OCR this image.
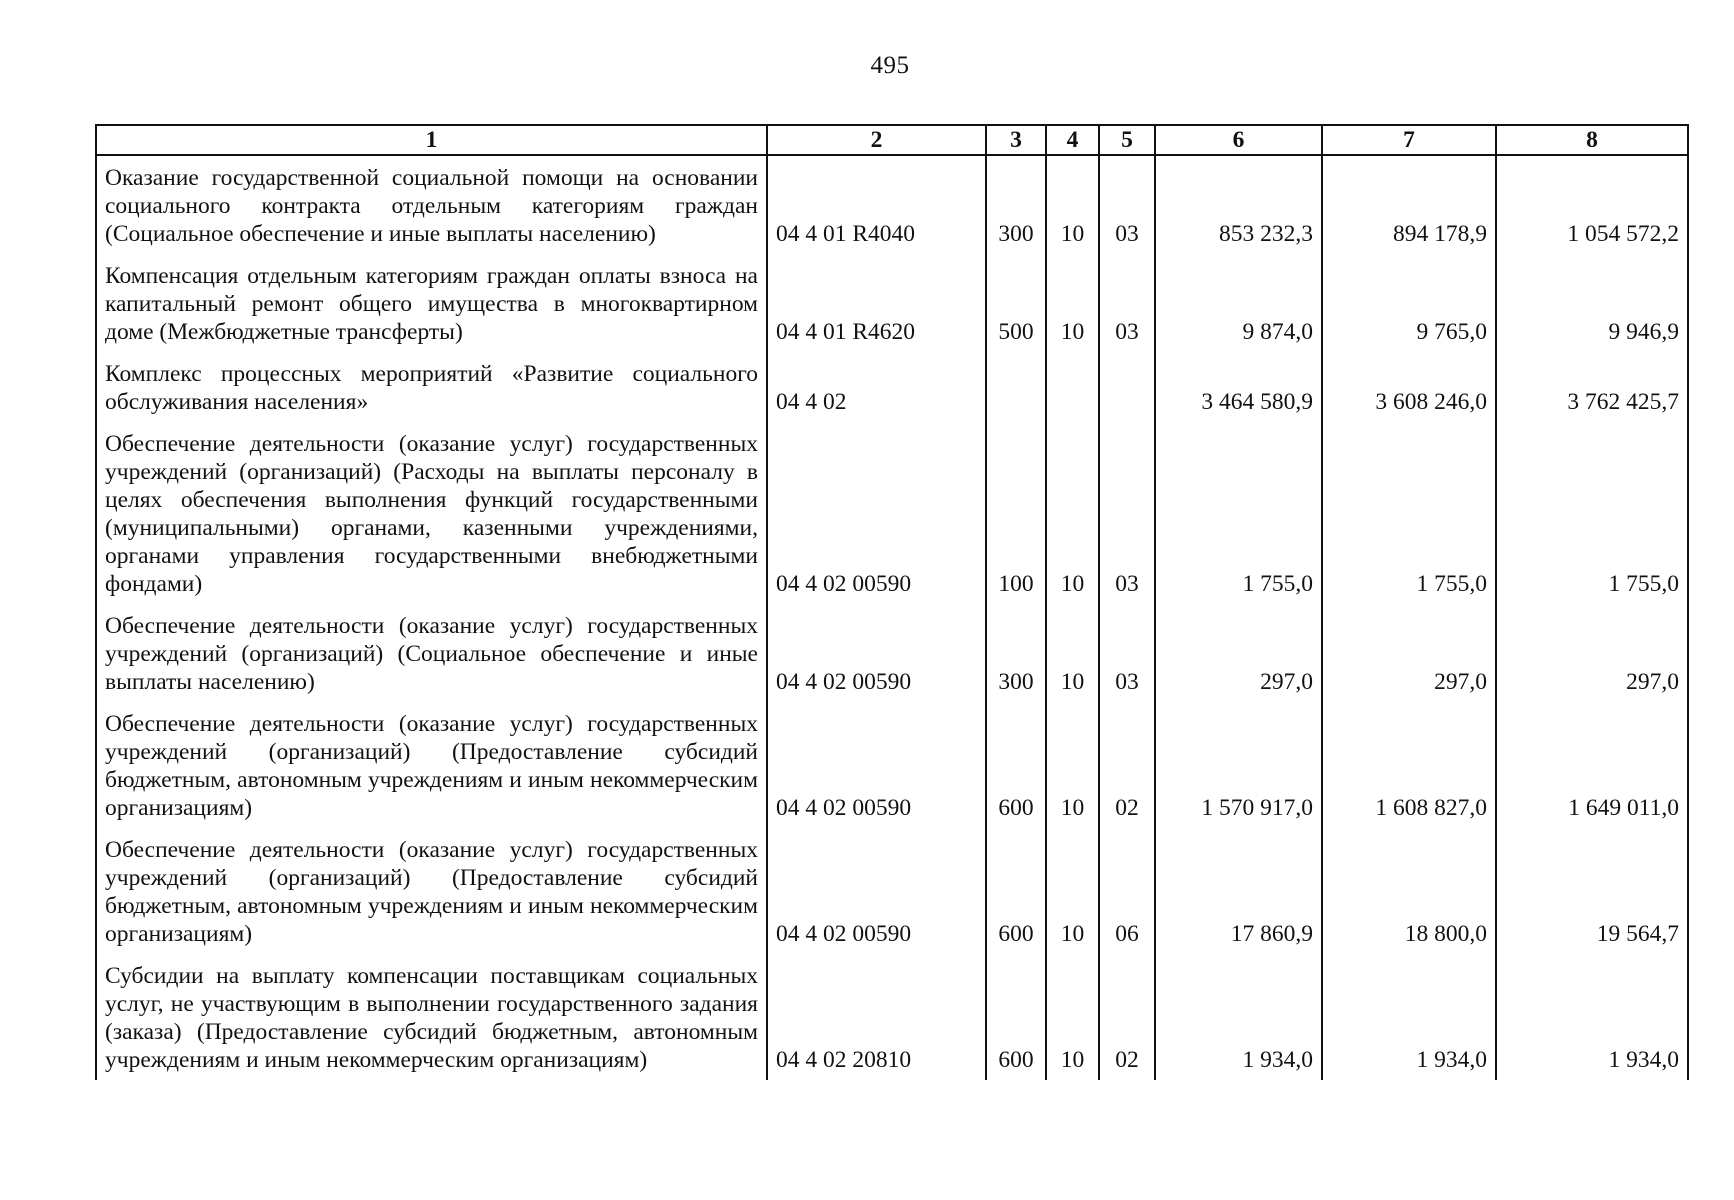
495
1	2	3	4	5	6	7	8
Оказание государственной социальной помощи на основании социального контракта отдельным категориям граждан (Социальное обеспечение и иные выплаты населению)	04 4 01 R4040	300	10	03	853 232,3	894 178,9	1 054 572,2
Компенсация отдельным категориям граждан оплаты взноса на капитальный ремонт общего имущества в многоквартирном доме (Межбюджетные трансферты)	04 4 01 R4620	500	10	03	9 874,0	9 765,0	9 946,9
Комплекс процессных мероприятий «Развитие социального обслуживания населения»	04 4 02				3 464 580,9	3 608 246,0	3 762 425,7
Обеспечение деятельности (оказание услуг) государственных учреждений (организаций) (Расходы на выплаты персоналу в целях обеспечения выполнения функций государственными (муниципальными) органами, казенными учреждениями, органами управления государственными внебюджетными фондами)	04 4 02 00590	100	10	03	1 755,0	1 755,0	1 755,0
Обеспечение деятельности (оказание услуг) государственных учреждений (организаций) (Социальное обеспечение и иные выплаты населению)	04 4 02 00590	300	10	03	297,0	297,0	297,0
Обеспечение деятельности (оказание услуг) государственных учреждений (организаций) (Предоставление субсидий бюджетным, автономным учреждениям и иным некоммерческим организациям)	04 4 02 00590	600	10	02	1 570 917,0	1 608 827,0	1 649 011,0
Обеспечение деятельности (оказание услуг) государственных учреждений (организаций) (Предоставление субсидий бюджетным, автономным учреждениям и иным некоммерческим организациям)	04 4 02 00590	600	10	06	17 860,9	18 800,0	19 564,7
Субсидии на выплату компенсации поставщикам социальных услуг, не участвующим в выполнении государственного задания (заказа) (Предоставление субсидий бюджетным, автономным учреждениям и иным некоммерческим организациям)	04 4 02 20810	600	10	02	1 934,0	1 934,0	1 934,0
